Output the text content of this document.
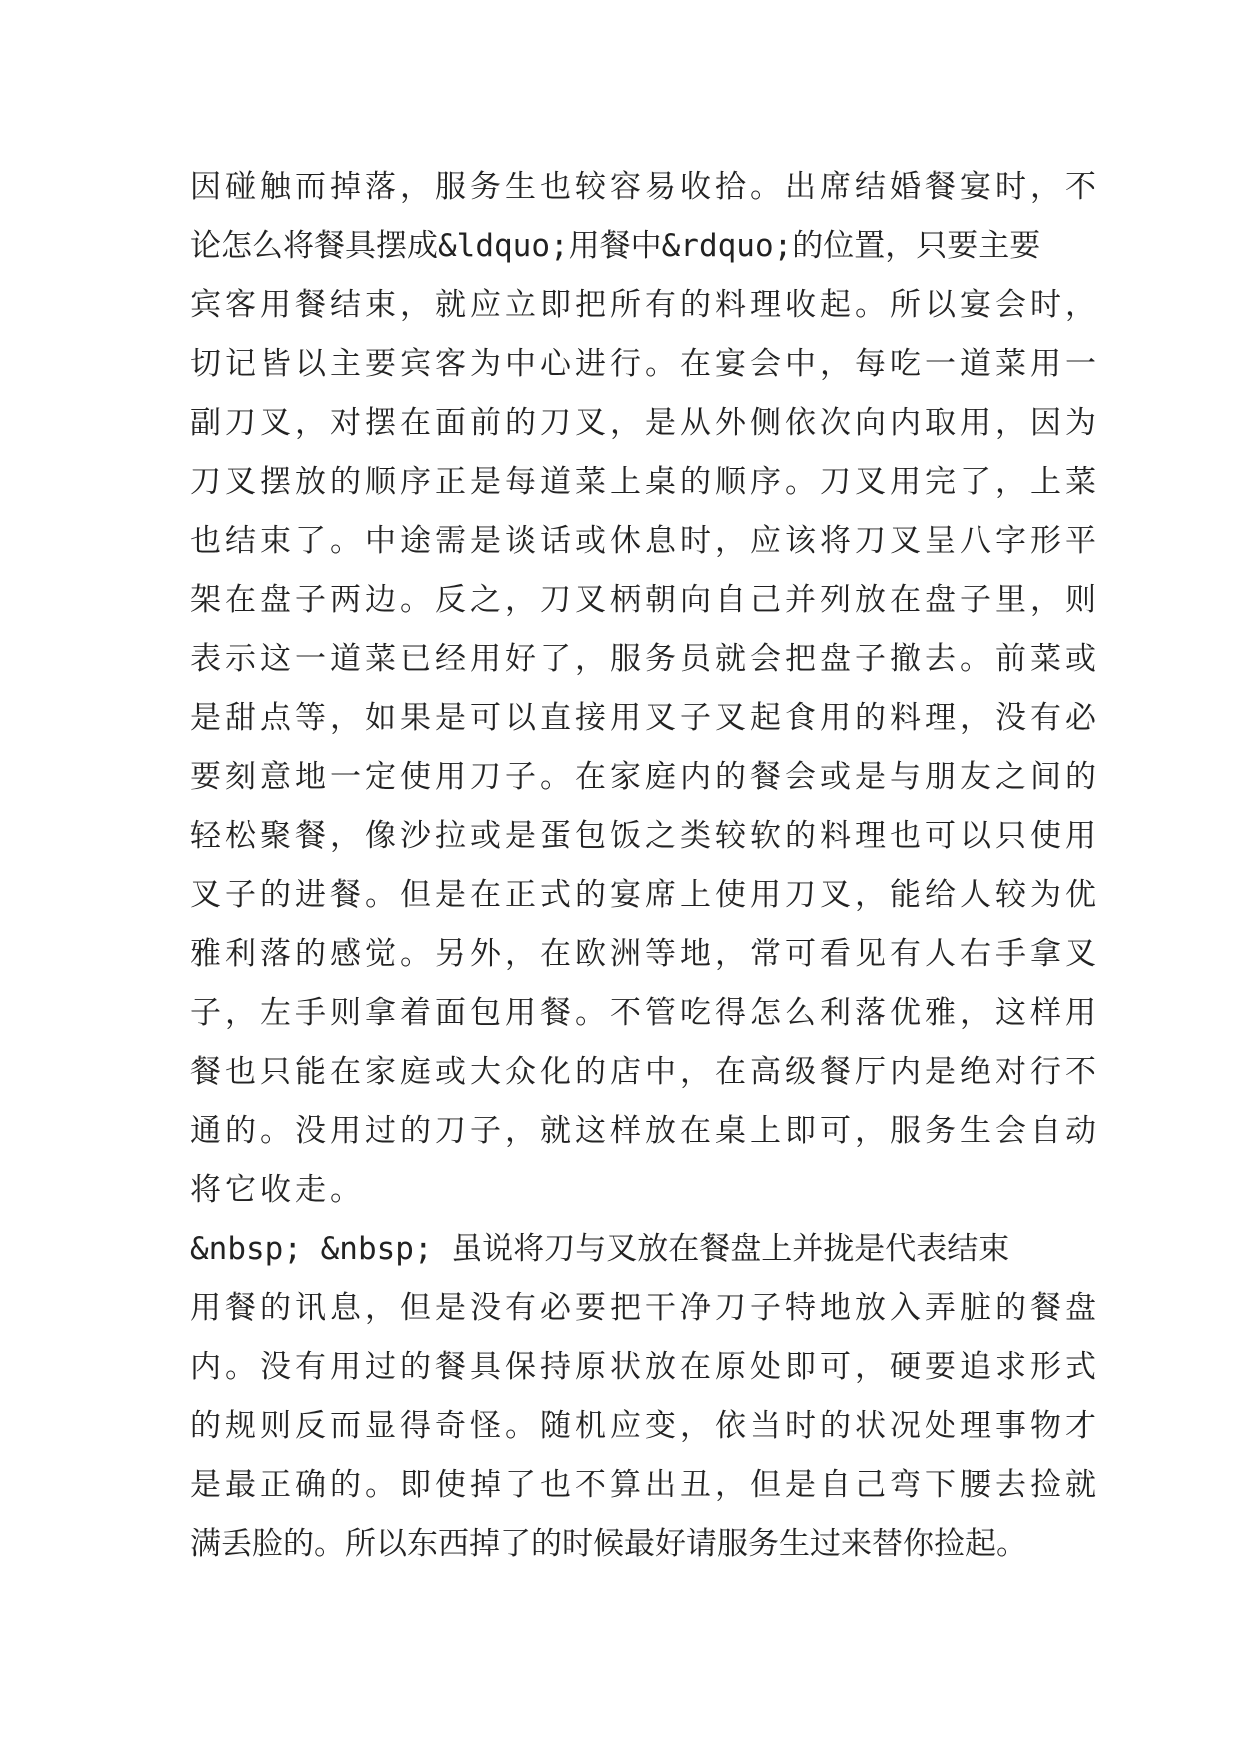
因碰触而掉落，服务生也较容易收拾。出席结婚餐宴时，不
论怎么将餐具摆成&ldquo;用餐中&rdquo;的位置，只要主要
宾客用餐结束，就应立即把所有的料理收起。所以宴会时，
切记皆以主要宾客为中心进行。在宴会中，每吃一道菜用一
副刀叉，对摆在面前的刀叉，是从外侧依次向内取用，因为
刀叉摆放的顺序正是每道菜上桌的顺序。刀叉用完了，上菜
也结束了。中途需是谈话或休息时，应该将刀叉呈八字形平
架在盘子两边。反之，刀叉柄朝向自己并列放在盘子里，则
表示这一道菜已经用好了，服务员就会把盘子撤去。前菜或
是甜点等，如果是可以直接用叉子叉起食用的料理，没有必
要刻意地一定使用刀子。在家庭内的餐会或是与朋友之间的
轻松聚餐，像沙拉或是蛋包饭之类较软的料理也可以只使用
叉子的进餐。但是在正式的宴席上使用刀叉，能给人较为优
雅利落的感觉。另外，在欧洲等地，常可看见有人右手拿叉
子，左手则拿着面包用餐。不管吃得怎么利落优雅，这样用
餐也只能在家庭或大众化的店中，在高级餐厅内是绝对行不
通的。没用过的刀子，就这样放在桌上即可，服务生会自动
将它收走。
&nbsp; &nbsp; 虽说将刀与叉放在餐盘上并拢是代表结束
用餐的讯息，但是没有必要把干净刀子特地放入弄脏的餐盘
内。没有用过的餐具保持原状放在原处即可，硬要追求形式
的规则反而显得奇怪。随机应变，依当时的状况处理事物才
是最正确的。即使掉了也不算出丑，但是自己弯下腰去捡就
满丢脸的。所以东西掉了的时候最好请服务生过来替你捡起。
